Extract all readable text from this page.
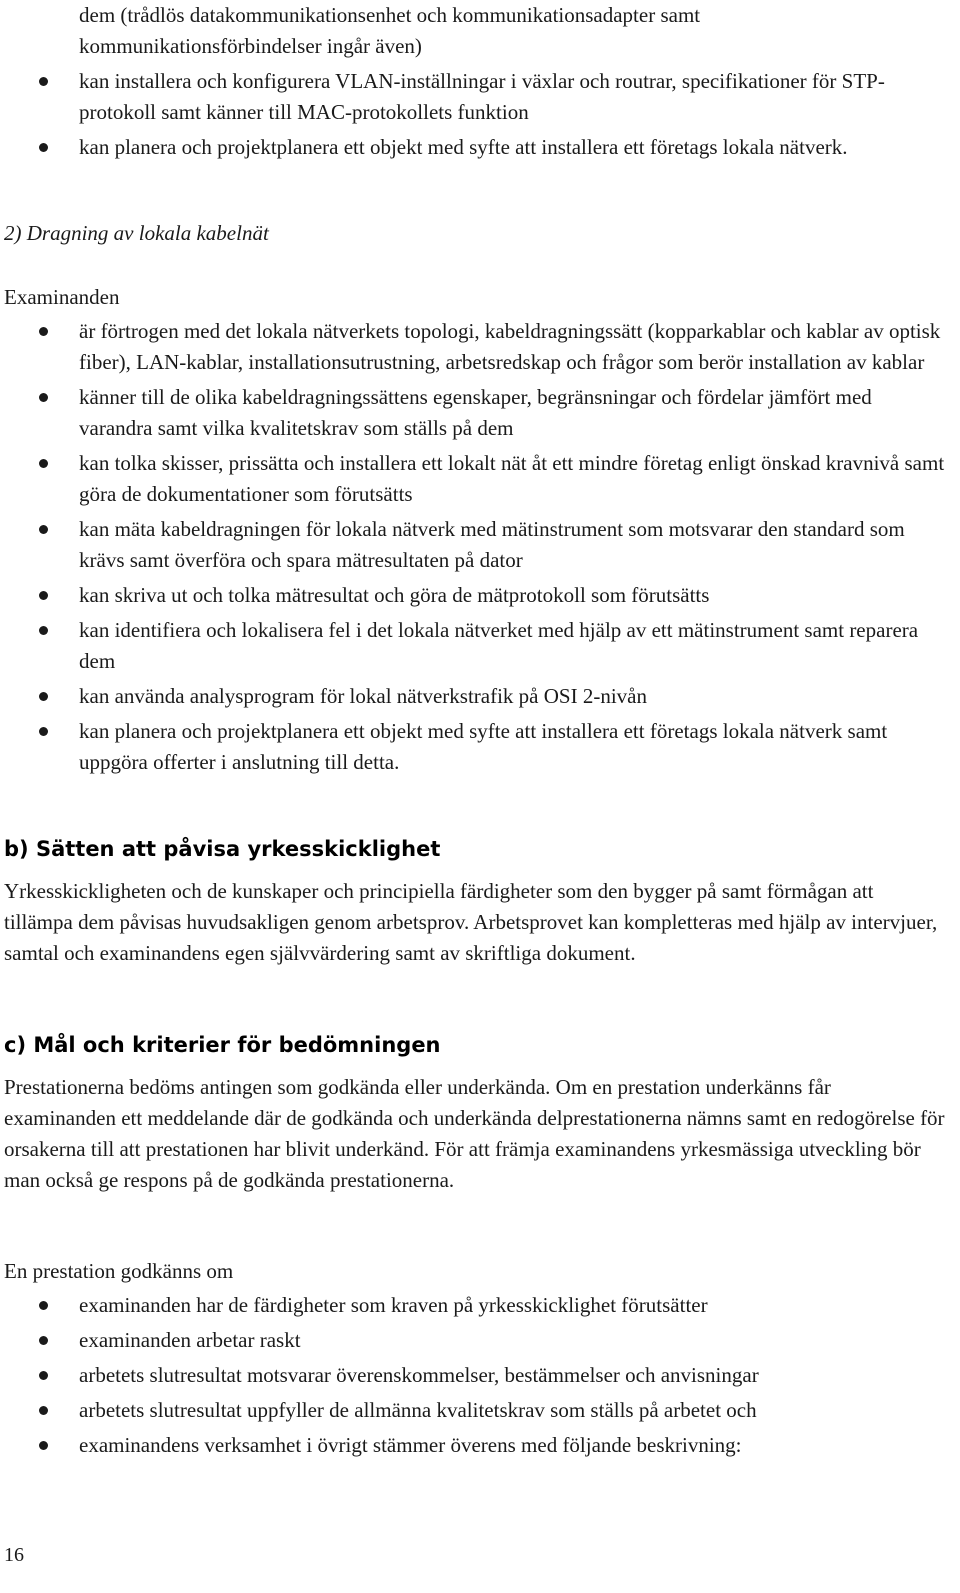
dem (trådlös datakommunikationsenhet och kommunikationsadapter samt kommunikationsförbindelser ingår även)

kan installera och konfigurera VLAN-inställningar i växlar och routrar, specifikationer för STP-protokoll samt känner till MAC-protokollets funktion
kan planera och projektplanera ett objekt med syfte att installera ett företags lokala nätverk.

2) Dragning av lokala kabelnät

Examinanden

är förtrogen med det lokala nätverkets topologi, kabeldragningssätt (kopparkablar och kablar av optisk fiber), LAN-kablar, installationsutrustning, arbetsredskap och frågor som berör installation av kablar
känner till de olika kabeldragningssättens egenskaper, begränsningar och fördelar jämfört med varandra samt vilka kvalitetskrav som ställs på dem
kan tolka skisser, prissätta och installera ett lokalt nät åt ett mindre företag enligt önskad kravnivå samt göra de dokumentationer som förutsätts
kan mäta kabeldragningen för lokala nätverk med mätinstrument som motsvarar den standard som krävs samt överföra och spara mätresultaten på dator
kan skriva ut och tolka mätresultat och göra de mätprotokoll som förutsätts
kan identifiera och lokalisera fel i det lokala nätverket med hjälp av ett mätinstrument samt reparera dem
kan använda analysprogram för lokal nätverkstrafik på OSI 2-nivån
kan planera och projektplanera ett objekt med syfte att installera ett företags lokala nätverk samt uppgöra offerter i anslutning till detta.
b) Sätten att påvisa yrkesskicklighet

Yrkesskickligheten och de kunskaper och principiella färdigheter som den bygger på samt förmågan att tillämpa dem påvisas huvudsakligen genom arbetsprov. Arbetsprovet kan kompletteras med hjälp av intervjuer, samtal och examinandens egen självvärdering samt av skriftliga dokument.

c) Mål och kriterier för bedömningen

Prestationerna bedöms antingen som godkända eller underkända. Om en prestation underkänns får examinanden ett meddelande där de godkända och underkända delprestationerna nämns samt en redogörelse för orsakerna till att prestationen har blivit underkänd. För att främja examinandens yrkesmässiga utveckling bör man också ge respons på de godkända prestationerna.

En prestation godkänns om

examinanden har de färdigheter som kraven på yrkesskicklighet förutsätter
examinanden arbetar raskt
arbetets slutresultat motsvarar överenskommelser, bestämmelser och anvisningar
arbetets slutresultat uppfyller de allmänna kvalitetskrav som ställs på arbetet och
examinandens verksamhet i övrigt stämmer överens med följande beskrivning:
16
